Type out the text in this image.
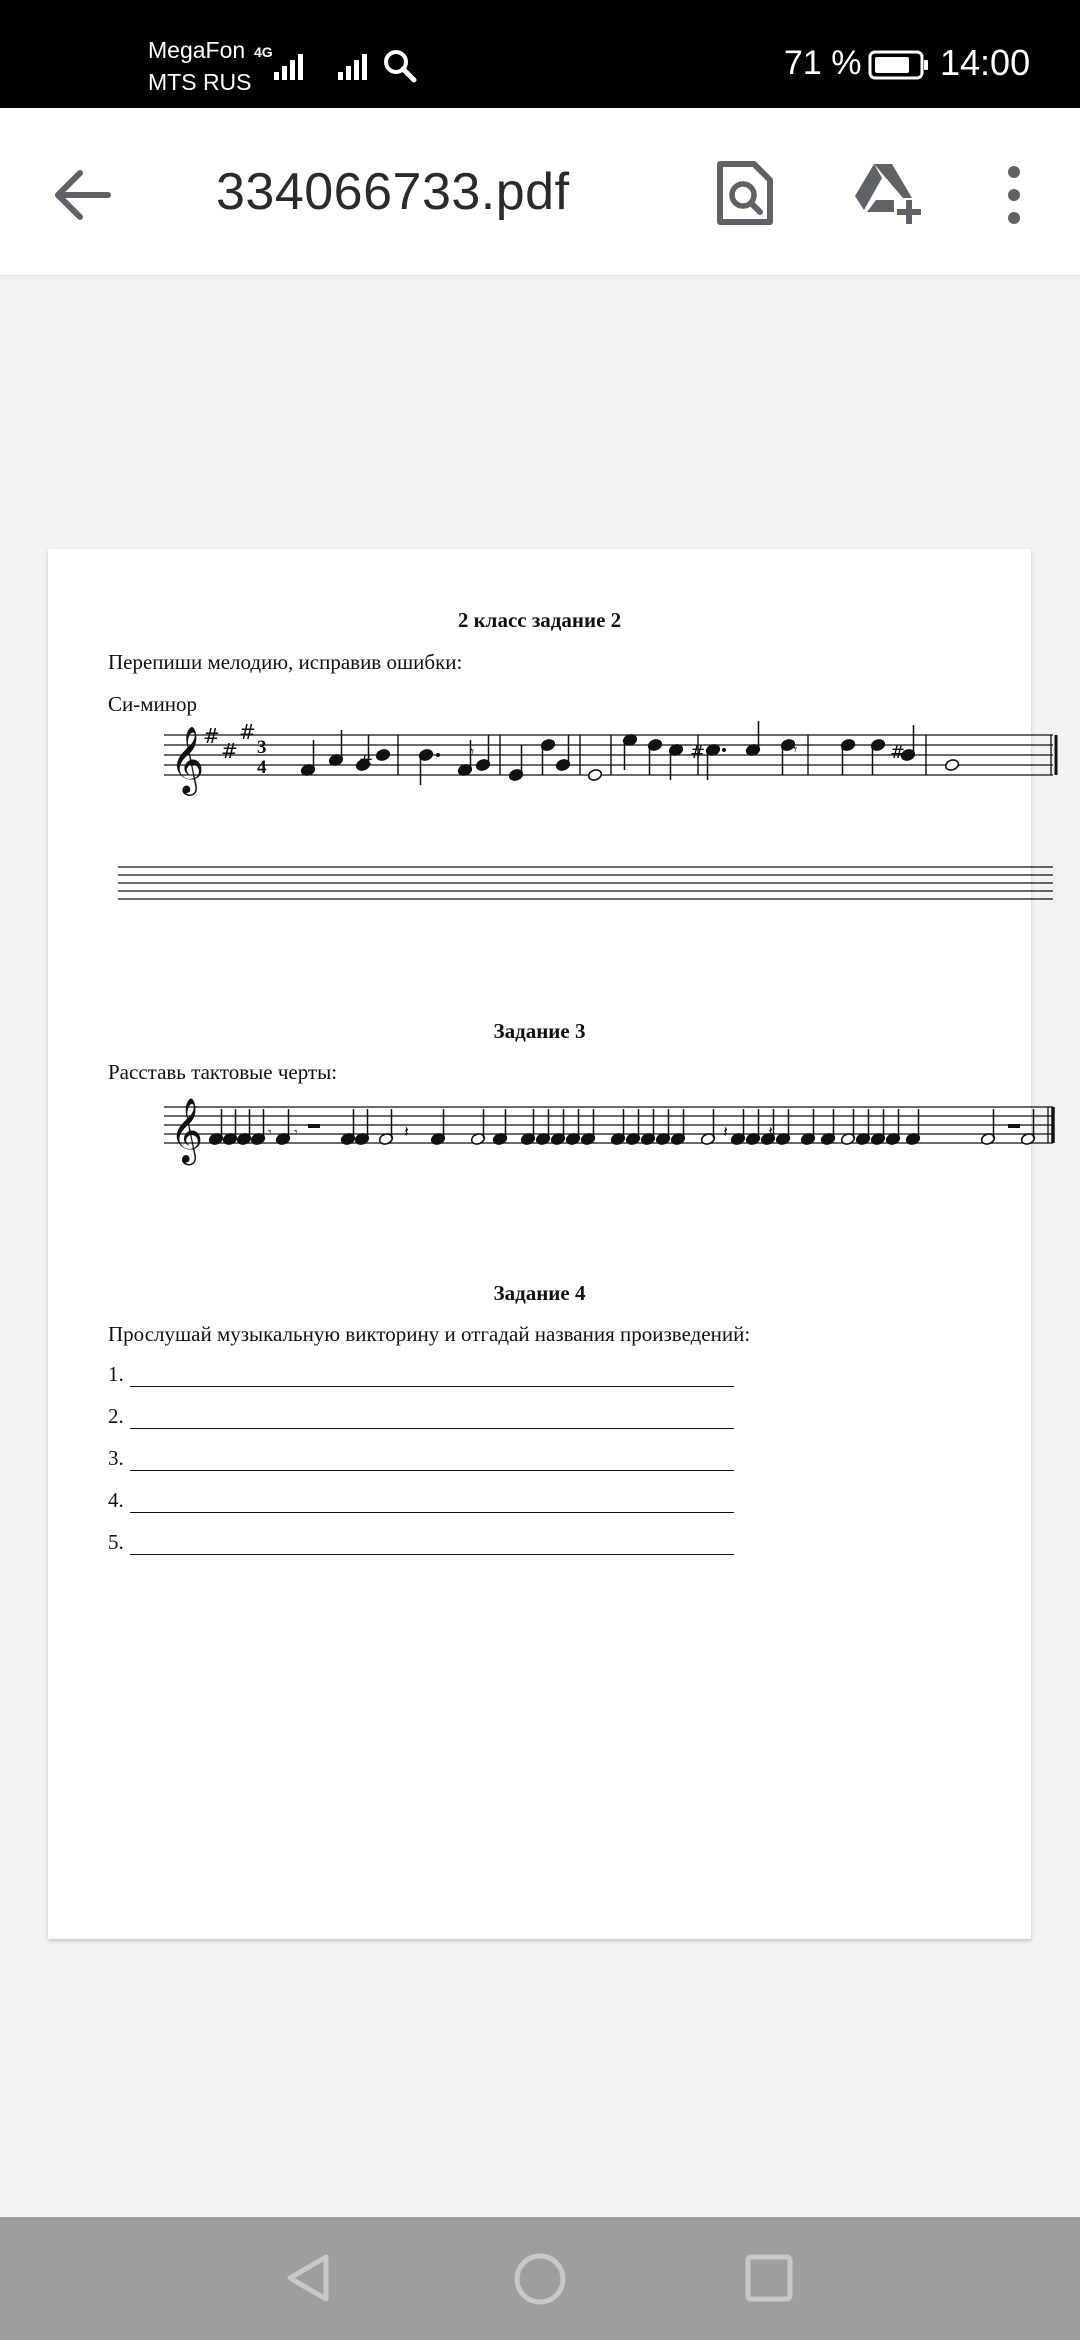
MegaFon
MTS RUS
4G	71 % 14:00
334066733.pdf
2 класс задание 2
Перепиши мелодию, исправив ошибки:
Си-минор
𝄞
#
#
#
3
4
#	#
#
𝄾	𝄾
Задание 3
Расставь тактовые черты:
𝄞	𝄾 𝄾	𝄽	𝄽	𝄽
Задание 4
Прослушай музыкальную викторину и отгадай названия произведений:
1.
2.
3.
4.
5.
